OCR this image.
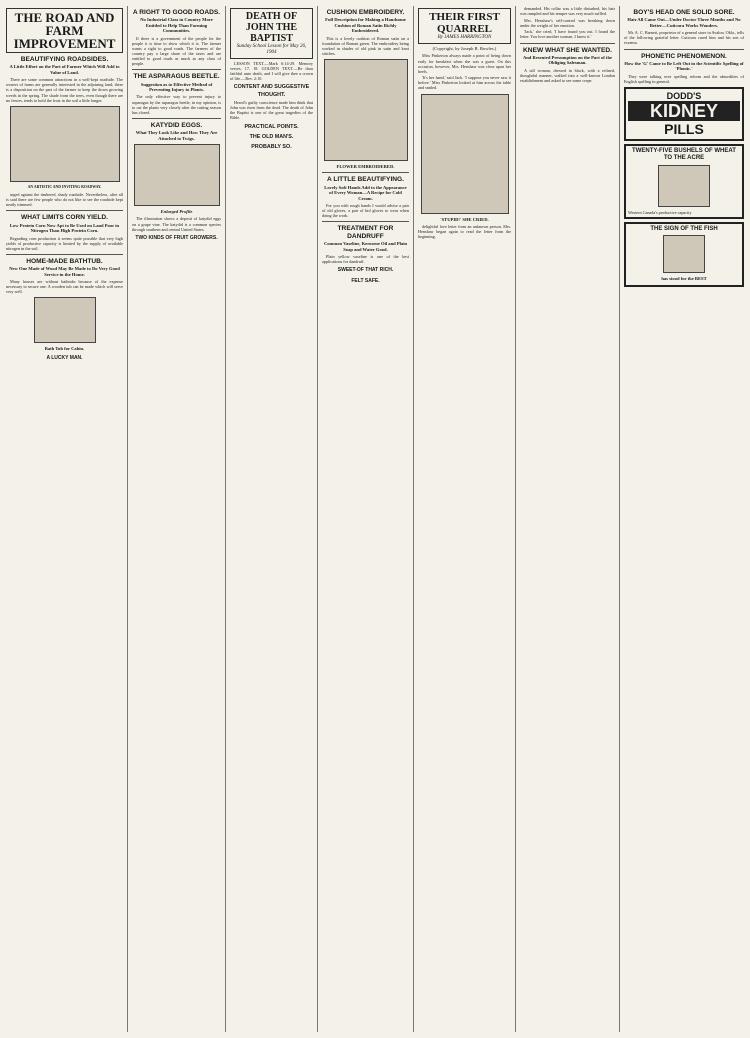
THE ROAD AND FARM IMPROVEMENT
BEAUTIFYING ROADSIDES.
A Little Effort on the Part of Farmer Which Will Add to Value of Land.

There are some common attractions in a well-kept roadside. The owners of farms are generally interested in the adjoining land; there is a disposition on the part of the farmer to keep the down growing weeds in the spring. The shade from the trees, even though there are no fences, tends to hold the frost in the soil a little longer.

AN ARTISTIC AND INVITING ROADWAY.

urged against the timbered, shady roadside. Nevertheless, after all is said there are few people who do not like to see the roadside kept neatly trimmed.

WHAT LIMITS CORN YIELD.
Low Protein Corn Now Apt to Be Used on Land Poor in Nitrogen Than High Protein Corn.

Regarding corn production it seems quite possible that very high yields of productive capacity is limited by the supply of available nitrogen in the soil.

HOME-MADE BATHTUB.
New One Made of Wood May Be Made to Do Very Good Service in the Home.

Many houses are without bathtubs because of the expense necessary to secure one. A wooden tub can be made which will serve very well.

Bath Tub for Cabin.
A LUCKY MAN.
A RIGHT TO GOOD ROADS.
No Industrial Class in Country More Entitled to Help Than Farming Communities.

If there is a government of the people for the people it is time to show which it is. The farmer wants a right to good roads. The farmers of the country pay a large share of the taxes and are entitled to good roads as much as any class of people.

THE ASPARAGUS BEETLE.
Suggestion as to Effective Method of Preventing Injury to Plants.

The only effective way to prevent injury to asparagus by the asparagus beetle, in my opinion, is to cut the plants very closely after the cutting season has closed.

KATYDID EGGS.
What They Look Like and How They Are Attached to Twigs.
Enlarged Profile

The illustration shows a deposit of katydid eggs on a grape vine. The katydid is a common species through southern and central United States.

TWO KINDS OF FRUIT GROWERS.
DEATH OF JOHN THE BAPTIST
Sunday School Lesson for May 26, 1904

LESSON TEXT.—Mark 6:14-29. Memory verses, 17, 18. GOLDEN TEXT.—Be thou faithful unto death, and I will give thee a crown of life.—Rev. 2:10.

CONTENT AND SUGGESTIVE THOUGHT.

Herod's guilty conscience made him think that John was risen from the dead. The death of John the Baptist is one of the great tragedies of the Bible.

PRACTICAL POINTS.
THE OLD MAN'S.
PROBABLY SO.
CUSHION EMBROIDERY.
Full Description for Making a Handsome Cushion of Roman Satin Richly Embroidered.

This is a lovely cushion of Roman satin on a foundation of Roman green. The embroidery being worked in shades of old pink in satin and knot stitches.

FLOWER EMBROIDERED.
A LITTLE BEAUTIFYING.
Lovely Soft Hands Add to the Appearance of Every Woman—A Recipe for Cold Cream.

For you with rough hands I would advise a pair of old gloves, a pair of kid gloves to wear when doing the work.

TREATMENT FOR DANDRUFF
Common Vaseline, Kerosene Oil and Plain Soap and Water Good.

Plain yellow vaseline is one of the best applications for dandruff.

SWEET-OF THAT RICH.
FELT SAFE.
THEIR FIRST QUARREL
By JAMES HARRINGTON
(Copyright, by Joseph B. Bowles.)

Miss Pinkerton always made a point of being down early for breakfast when she was a guest. On this occasion, however, Mrs. Henshaw was close upon her heels.

'It's her hand,' said Jack. 'I suppose you never saw it before.' Miss Pinkerton looked at him across the table and smiled.

'STUPID!' SHE CRIED.

delightful love letter from an unknown person. Mrs. Henshaw began again to read the letter from the beginning.

demanded. His collar was a little disturbed, his hair was rumpled and his temper was very much ruffled.

Mrs. Henshaw's self-control was breaking down under the weight of her emotion.

'Jack,' she cried, 'I have found you out. I found the letter. You love another woman. I know it.'

KNEW WHAT SHE WANTED.
And Resented Presumption on the Part of the Obliging Salesman.

A tall woman, dressed in black, with a refined, thoughtful manner, walked into a well-known London establishment and asked to see some crepe.

BOY'S HEAD ONE SOLID SORE.
Hair All Came Out—Under Doctor Three Months and No Better—Cuticura Works Wonders.

Mr. A. C. Barnett, proprietor of a general store in Avalon, Okla., tells of the following grateful letter. Cuticura cured him and his son of eczema.

PHONETIC PHENOMENON.
How the 'G' Came to Be Left Out in the Scientific Spelling of 'Phonic.'

They were talking over spelling reform and the absurdities of English spelling in general.

DODD'S
KIDNEY
PILLS
TWENTY-FIVE BUSHELS OF WHEAT TO THE ACRE
Western Canada's productive capacity
THE SIGN OF THE FISH
has stood for the BEST
